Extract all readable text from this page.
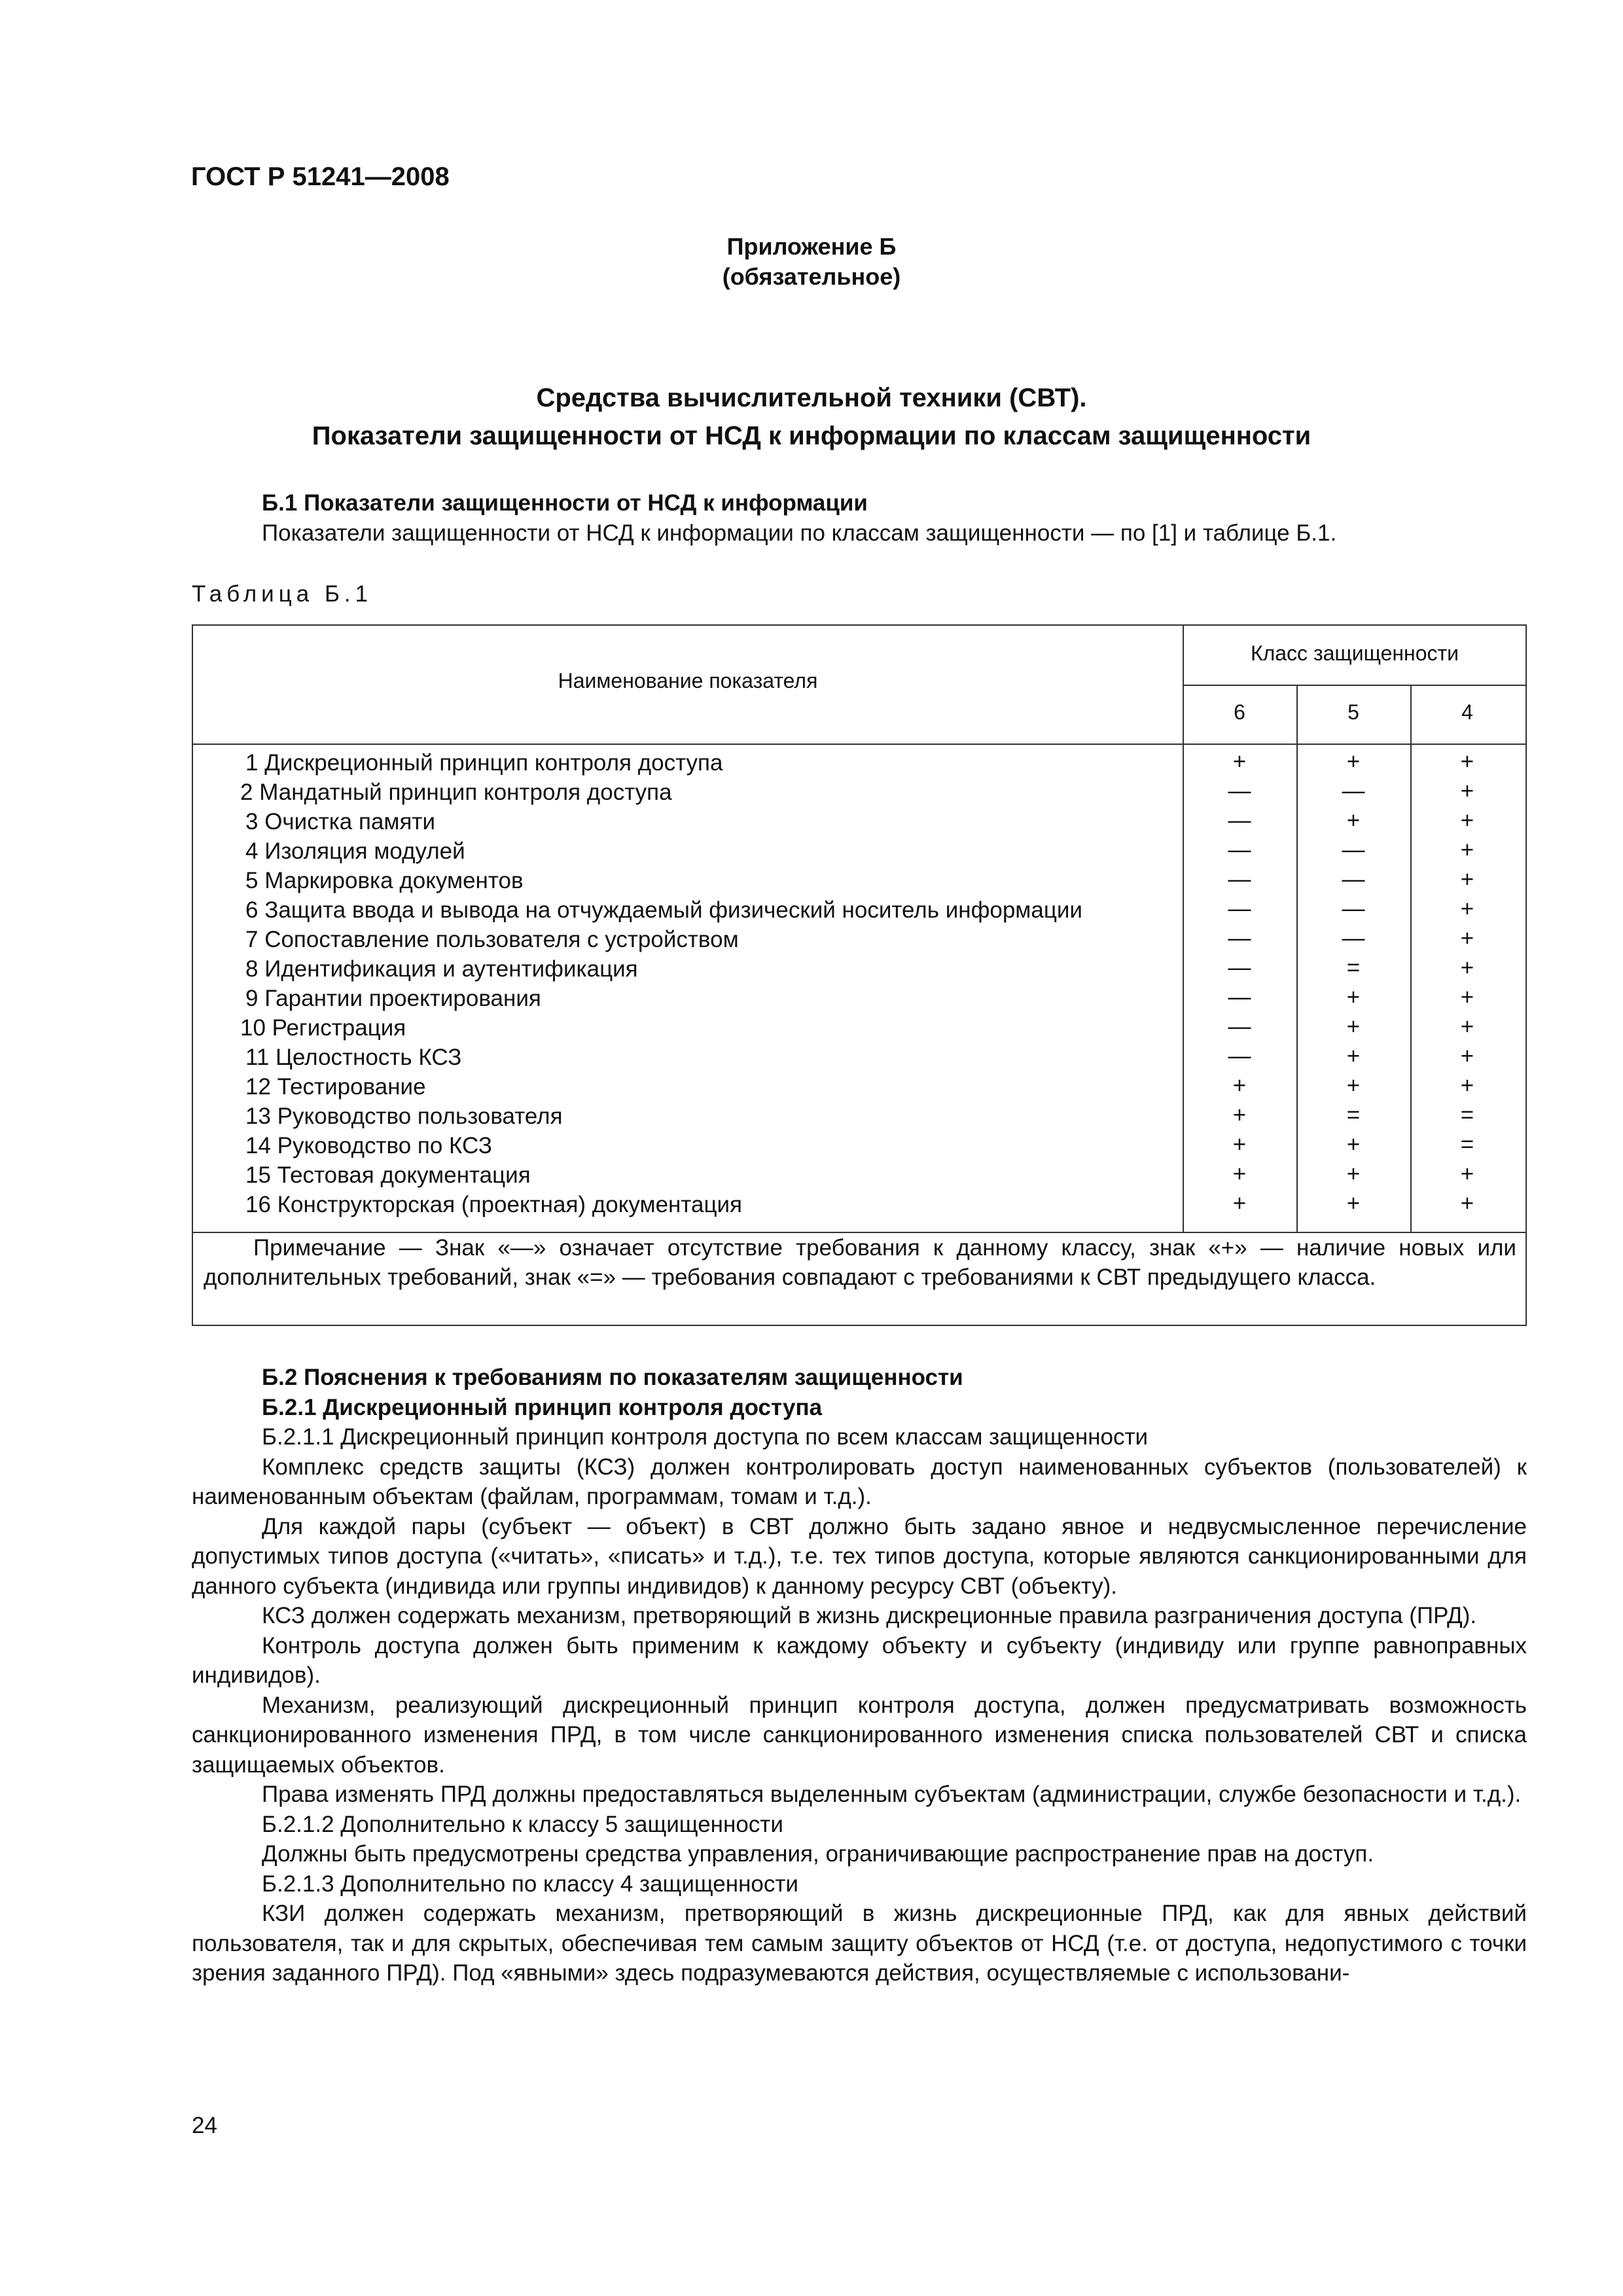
ГОСТ Р 51241—2008
Приложение Б
(обязательное)
Средства вычислительной техники (СВТ).
Показатели защищенности от НСД к информации по классам защищенности
Б.1 Показатели защищенности от НСД к информации
Показатели защищенности от НСД к информации по классам защищенности — по [1] и таблице Б.1.
Таблица Б.1
Наименование показателя
Класс защищенности
6	5	4
1 Дискреционный принцип контроля доступа	+	+	+
2 Мандатный принцип контроля доступа	—	—	+
3 Очистка памяти	—	+	+
4 Изоляция модулей	—	—	+
5 Маркировка документов	—	—	+
6 Защита ввода и вывода на отчуждаемый физический носитель информации	—	—	+
7 Сопоставление пользователя с устройством	—	—	+
8 Идентификация и аутентификация	—	=	+
9 Гарантии проектирования	—	+	+
10 Регистрация	—	+	+
11 Целостность КСЗ	—	+	+
12 Тестирование	+	+	+
13 Руководство пользователя	+	=	=
14 Руководство по КСЗ	+	+	=
15 Тестовая документация	+	+	+
16 Конструкторская (проектная) документация	+	+	+
Примечание — Знак «—» означает отсутствие требования к данному классу, знак «+» — наличие новых или дополнительных требований, знак «=» — требования совпадают с требованиями к СВТ предыдущего класса.

Б.2 Пояснения к требованиям по показателям защищенности

Б.2.1 Дискреционный принцип контроля доступа

Б.2.1.1 Дискреционный принцип контроля доступа по всем классам защищенности

Комплекс средств защиты (КСЗ) должен контролировать доступ наименованных субъектов (пользователей) к наименованным объектам (файлам, программам, томам и т.д.).

Для каждой пары (субъект — объект) в СВТ должно быть задано явное и недвусмысленное перечисление допустимых типов доступа («читать», «писать» и т.д.), т.е. тех типов доступа, которые являются санкционированными для данного субъекта (индивида или группы индивидов) к данному ресурсу СВТ (объекту).

КСЗ должен содержать механизм, претворяющий в жизнь дискреционные правила разграничения доступа (ПРД).

Контроль доступа должен быть применим к каждому объекту и субъекту (индивиду или группе равноправных индивидов).

Механизм, реализующий дискреционный принцип контроля доступа, должен предусматривать возможность санкционированного изменения ПРД, в том числе санкционированного изменения списка пользователей СВТ и списка защищаемых объектов.

Права изменять ПРД должны предоставляться выделенным субъектам (администрации, службе безопасности и т.д.).

Б.2.1.2 Дополнительно к классу 5 защищенности

Должны быть предусмотрены средства управления, ограничивающие распространение прав на доступ.

Б.2.1.3 Дополнительно по классу 4 защищенности

КЗИ должен содержать механизм, претворяющий в жизнь дискреционные ПРД, как для явных действий пользователя, так и для скрытых, обеспечивая тем самым защиту объектов от НСД (т.е. от доступа, недопустимого с точки зрения заданного ПРД). Под «явными» здесь подразумеваются действия, осуществляемые с использовани-

24
